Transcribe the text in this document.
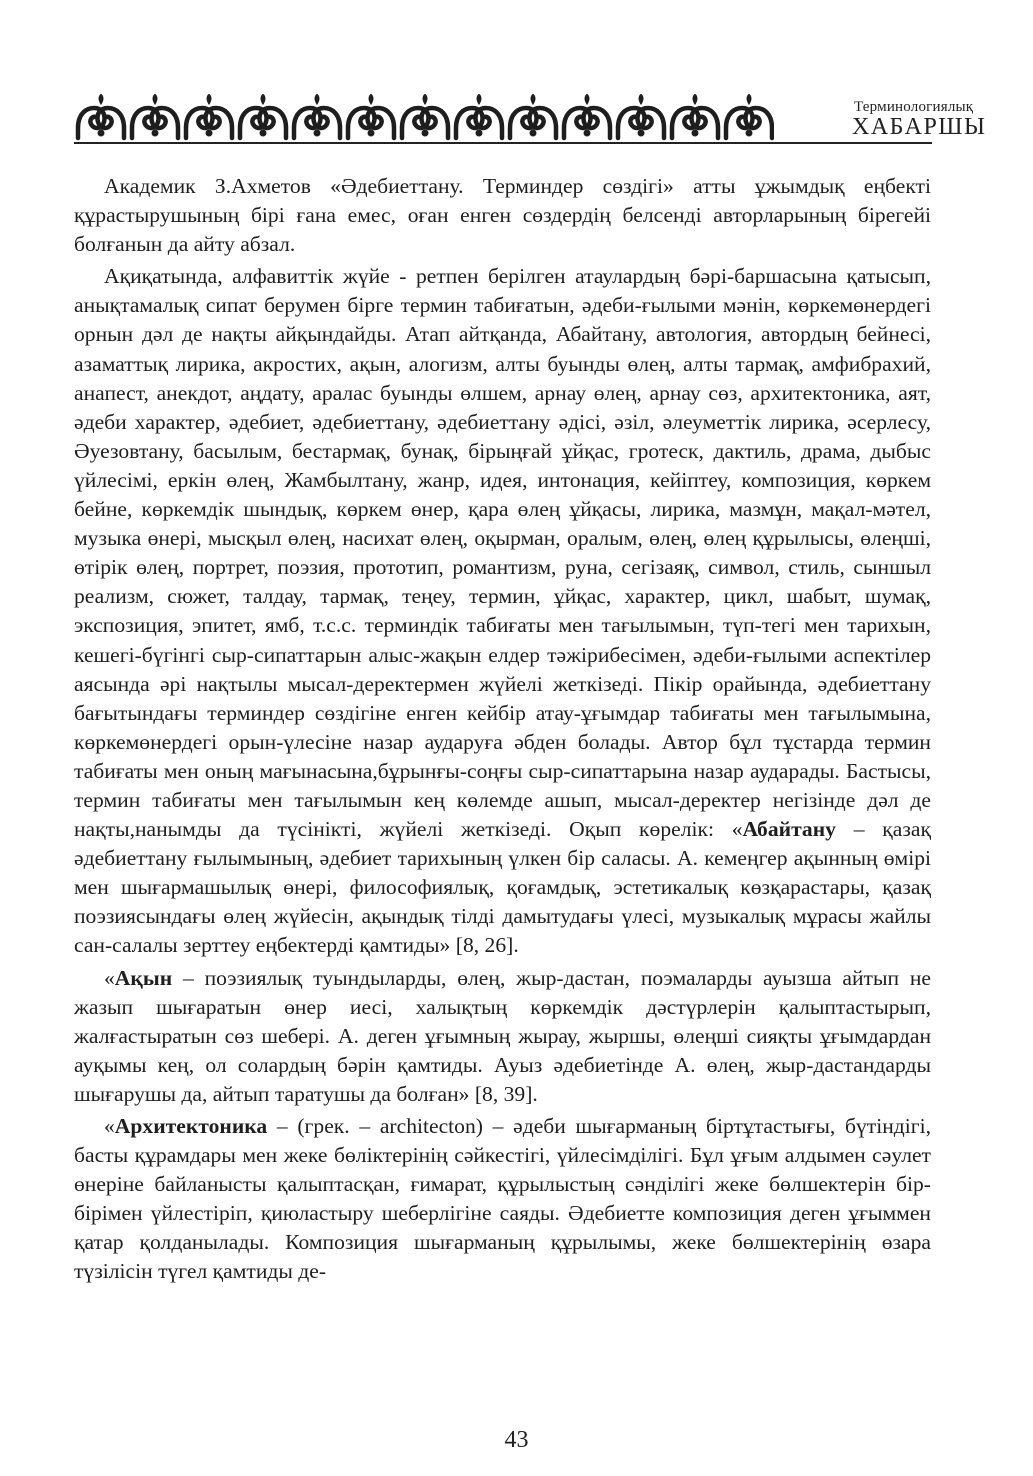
Терминологиялық
ХАБАРШЫ

Академик З.Ахметов «Әдебиеттану. Терминдер сөздігі» атты ұжымдық еңбекті құрастырушының бірі ғана емес, оған енген сөздердің белсенді авторларының бірегейі болғанын да айту абзал.

Ақиқатында, алфавиттік жүйе - ретпен берілген атаулардың бәрі-баршасына қатысып, анықтамалық сипат берумен бірге термин табиғатын, әдеби-ғылыми мәнін, көркемөнердегі орнын дәл де нақты айқындайды. Атап айтқанда, Абайтану, автология, автордың бейнесі, азаматтық лирика, акростих, ақын, алогизм, алты буынды өлең, алты тармақ, амфибрахий, анапест, анекдот, аңдату, аралас буынды өлшем, арнау өлең, арнау сөз, архитектоника, аят, әдеби характер, әдебиет, әдебиеттану, әдебиеттану әдісі, әзіл, әлеуметтік лирика, әсерлесу, Әуезовтану, басылым, бестармақ, бунақ, бірыңғай ұйқас, гротеск, дактиль, драма, дыбыс үйлесімі, еркін өлең, Жамбылтану, жанр, идея, интонация, кейіптеу, композиция, көркем бейне, көркемдік шындық, көркем өнер, қара өлең ұйқасы, лирика, мазмұн, мақал-мәтел, музыка өнері, мысқыл өлең, насихат өлең, оқырман, оралым, өлең, өлең құрылысы, өлеңші, өтірік өлең, портрет, поэзия, прототип, романтизм, руна, сегізаяқ, символ, стиль, сыншыл реализм, сюжет, талдау, тармақ, теңеу, термин, ұйқас, характер, цикл, шабыт, шумақ, экспозиция, эпитет, ямб, т.с.с. терминдік табиғаты мен тағылымын, түп-тегі мен тарихын, кешегі-бүгінгі сыр-сипаттарын алыс-жақын елдер тәжірибесімен, әдеби-ғылыми аспектілер аясында әрі нақтылы мысал-деректермен жүйелі жеткізеді. Пікір орайында, әдебиеттану бағытындағы терминдер сөздігіне енген кейбір атау-ұғымдар табиғаты мен тағылымына, көркемөнердегі орын-үлесіне назар аударуға әбден болады. Автор бұл тұстарда термин табиғаты мен оның мағынасына,бұрынғы-соңғы сыр-сипаттарына назар аударады. Бастысы, термин табиғаты мен тағылымын кең көлемде ашып, мысал-деректер негізінде дәл де нақты,нанымды да түсінікті, жүйелі жеткізеді. Оқып көрелік: «Абайтану – қазақ әдебиеттану ғылымының, әдебиет тарихының үлкен бір саласы. А. кемеңгер ақынның өмірі мен шығармашылық өнері, философиялық, қоғамдық, эстетикалық көзқарастары, қазақ поэзиясындағы өлең жүйесін, ақындық тілді дамытудағы үлесі, музыкалық мұрасы жайлы сан-салалы зерттеу еңбектерді қамтиды» [8, 26].

«Ақын – поэзиялық туындыларды, өлең, жыр-дастан, поэмаларды ауызша айтып не жазып шығаратын өнер иесі, халықтың көркемдік дәстүрлерін қалыптастырып, жалғастыратын сөз шебері. А. деген ұғымның жырау, жыршы, өлеңші сияқты ұғымдардан ауқымы кең, ол солардың бәрін қамтиды. Ауыз әдебиетінде А. өлең, жыр-дастандарды шығарушы да, айтып таратушы да болған» [8, 39].

«Архитектоника – (грек. – architecton) – әдеби шығарманың біртұтастығы, бүтіндігі, басты құрамдары мен жеке бөліктерінің сәйкестігі, үйлесімділігі. Бұл ұғым алдымен сәулет өнеріне байланысты қалыптасқан, ғимарат, құрылыстың сәнділігі жеке бөлшектерін бір-бірімен үйлестіріп, қиюластыру шеберлігіне саяды. Әдебиетте композиция деген ұғыммен қатар қолданылады. Композиция шығарманың құрылымы, жеке бөлшектерінің өзара түзілісін түгел қамтиды де-

43
